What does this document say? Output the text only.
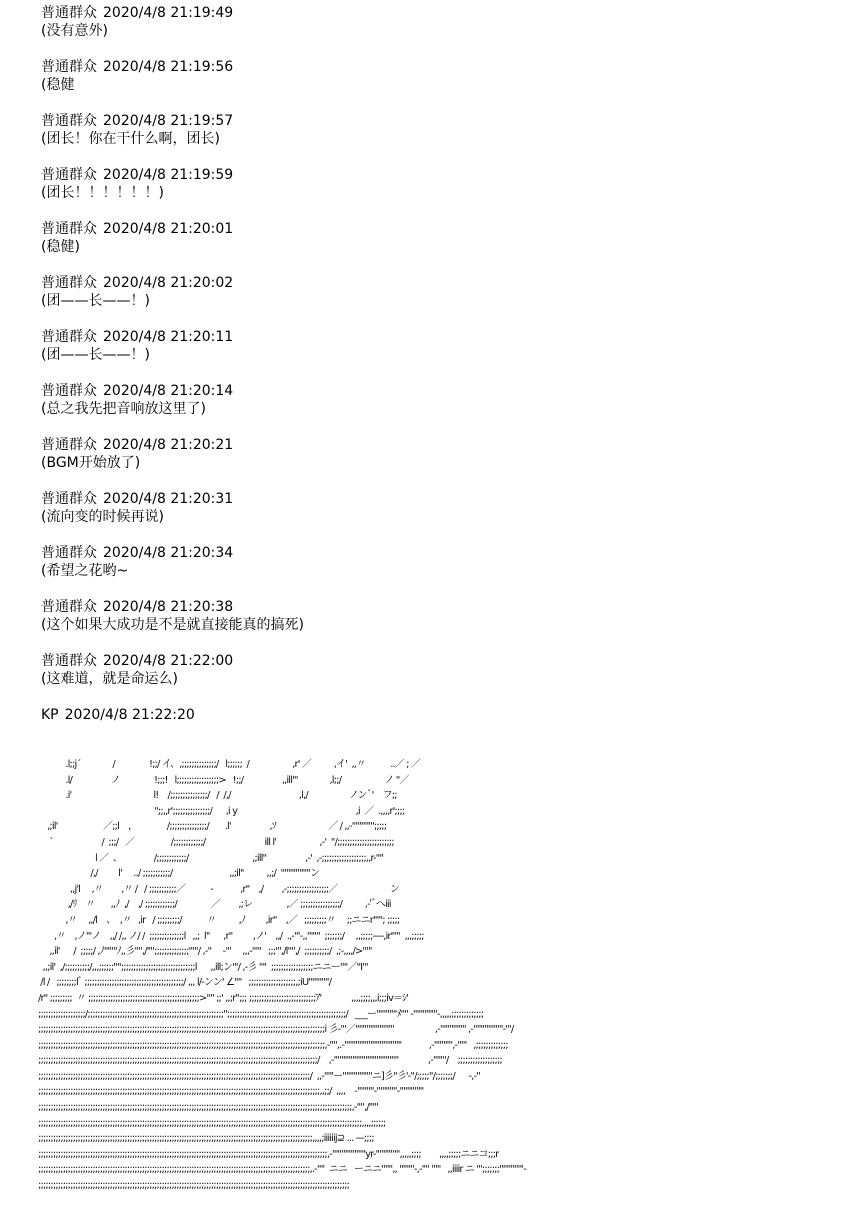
普通群众 2020/4/8 21:19:49
(没有意外)
普通群众 2020/4/8 21:19:56
(稳健
普通群众 2020/4/8 21:19:57
(团长！你在干什么啊，团长)
普通群众 2020/4/8 21:19:59
(团长！！！！！！)
普通群众 2020/4/8 21:20:01
(稳健)
普通群众 2020/4/8 21:20:02
(团——长——！)
普通群众 2020/4/8 21:20:11
(团——长——！)
普通群众 2020/4/8 21:20:14
(总之我先把音响放这里了)
普通群众 2020/4/8 21:20:21
(BGM开始放了)
普通群众 2020/4/8 21:20:31
(流向变的时候再说)
普通群众 2020/4/8 21:20:34
(希望之花哟~
普通群众 2020/4/8 21:20:38
(这个如果大成功是不是就直接能真的搞死)
普通群众 2020/4/8 21:22:00
(这难道，就是命运么)
KP 2020/4/8 21:22:20
.l;;j´              /               !;;/ イ、,;;;;;;;;;;;;;;/   l;;;;;;  /                   ,r' ／          ,イ'  ,,〃           ..／ ; ／
.l/                 ノ               !;;;!   l;;;;;;;;;;;;;;;;;>   !;;/                 ,,ill'''              ,l;;/                   ノ ''／
.i'                                    l!    /;;;;;;;;;;;;;;;/   /  /,/                              ,l,/                  ノンﾞ'    フ;;
'';;,,r';;;;;;;;;;;;;;;/      ,i y                                                    ,i  ／  .,,,,r';;;;
,;il'                    ／;;l    ,                /;;;;;;;;;;;;;;;/       .l'                 ,ｿ                       ／ / ,,-'''''''''''';;;;;
`                     /  ;;;/   ／                /;;;;;;;;;;;;/                          ill l'                   ,-'  ''/;;;;;;;;;;;;;;;;;;;;;;;
l ／  、              /;;;;;;;;;;;;/                            ,;ill''                 ,-'  ,-;;;;;;;;;;;;;;;;;;,,r-''''
/,/         l'     ../ ;;;;;;;;;;;/                         ,,;il''          ,,;/  ''''''''''''''''ン
,,j'l     ,〃        ,〃 /   / ;;;;;;;;;;;／           -            ,r''    ,/        ,-;;;;;;;;;;;;;;;;;／                       ン
,/ﾘ    〃       ,,ﾉ  ,/    ,/ ;;;;;;;;;;;;/               ／        ,;レ               ,／ ;;;;;;;;;;;;;;;;/          ,-'ﾞへiii
,〃     ,,/l    、  ,〃   ,ir   / ;;;;;;;;;/           〃          ,ﾉ         ,ir''    ,／   ;;;;;;;;;〃     ;;ニニr'''''; ;;;;;
,〃    ,ノ'''ノ    ,,/ /,, ノ/ /  ;;;;;;;;;;;;;;l   ,,;  l''      ,r''         ,ノ'    ,,/  .,-'''-,,'''''''  ;;;;;;;/     ,,;;;;;----,ir'''''  ,,,;;;;;
,,il'      /  ;;;;;/ ,ﾉ'''''''ﾉ,,彡'''',/'''';;;;;;;;;;;;;;'''''/ ,-''     -'''     ,,,-'''''   ;;;''',/l'''',/  ;;;;;;;;;;/  ,;-,,,,/>'''''
,,;il'  ,/;;;;;;;;;;/,,,;;;;;;'''';;;;;;;;;;;;;;;;;;;;;;;;;;;;;;l      ,,ill;ン'''/ ,-彡 ''''  ;;;;;;;;;;;;;;;;;ニニー''''／''I'''
/l /   ;;;;;;;;lﾞ ;;;;;;;;;;;;;;;;;;;;;;;;;;;;;;;;;;;;;;;;/ ,,, l/-ンン' ∠''''   ;;;;;;;;;;;;;;;;;;;,;iU'''''''''''/
/r'' ;;;;;;;;;  〃 ;;;;;;;;;;;;;;;;;;;;;;;;;;;;;;;;;;;;;;;;;;;;;>'''' ;;' ,,;r'';;; ;;;;;;;;;;;;;;;;;;;;;;;;;;;ｱ'             ,,,,;;;;,,,i;;;iv＝ｼ'
;;;;;;;;;;;;;;;;;;;/;;;;;;;;;;;;;;;;;;;;;;;;;;;;;;;;;;;;;;;;;;;;;;;;;;;;;;;'';;;;;;;;;;;;;;;;;;;;;;;;;;;;;;;;;;;;;;;;;;;;;;;;/   ___ー'''''''''''ﾒ'''' -'''''''''''''-,,,,,;;;;;;;;;;;;;
;;;;;;;;;;;;;;;;;;;;;;;;;;;;;;;;;;;;;;;;;;;;;;;;;;;;;;;;;;;;;;;;;;;;;;;;;;;;;;;;;;;;;;;;;;;;;;;;;;;;;;;;;;;;;;;;;;;;i 彡-'''／'''''''''''''''''''''                  ,-'''''''''''''' ,-''''''''''''''''-'''/
;;;;;;;;;;;;;;;;;;;;;;;;;;;;;;;;;;;;;;;;;;;;;;;;;;;;;;;;;;;;;;;;;;;;;;;;;;;;;;;;;;;;;;;;;;;;;;;;;;;;;;;;;;;;;;;;;;;;,-'''',.-'''''''''''''''''''''''''''''''            ,-'''''''''',-'''''   ,;;;;;;;;;;;;;
;;;;;;;;;;;;;;;;;;;;;;;;;;;;;;;;;;;;;;;;;;;;;;;;;;;;;;;;;;;;;;;;;;;;;;;;;;;;;;;;;;;;;;;;;;;;;;;;;;;;;;;;;;;;;;;;;/    ,-'''''''''''''''''''''''''''''''''''             ,-'''''''/    ;;;;;;;;;;;;;;;;;;
;;;;;;;;;;;;;;;;;;;;;;;;;;;;;;;;;;;;;;;;;;;;;;;;;;;;;;;;;;;;;;;;;;;;;;;;;;;;;;;;;;;;;;;;;;;;;;;;;;;;;;;;;;;;;;/  ,,-'''''ー''''''''''''''''ニ]彡''彡'-''/;;;;;''/;;;;;;;/      -,-''
;;;;;;;;;;;;;;;;;;;;;;;;;;;;;;;;;;;;;;;;;;;;;;;;;;;;;;;;;;;;;;;;;;;;;;;;;;;;;;;;;;;;;;;;;;;;;;;;;;;;;;;;;;;;;;;;;;,,;;/  ,,,,    -'''''''''-'''''''''''-'''''''''''''
;;;;;;;;;;;;;;;;;;;;;;;;;;;;;;;;;;;;;;;;;;;;;;;;;;;;;;;;;;;;;;;;;;;;;;;;;;;;;;;;;;;;;;;;;;;;;;;;;;;;;;;;;;;;;;;;;;;;;;;;;;;;;;;,-'''',/'''''
;;;;;;;;;;;;;;;;;;;;;;;;;;;;;;;;;;;;;;;;;;;;;;;;;;;;;;;;;;;;;;;;;;;;;;;;;;;;;;;;;;;;;;;;;;;;;;;;;;;;;;;;;;;;;;;;;;;;;;;;;;;;;;;;;;;,,,,;;;;;;
;;;;;;;;;;;;;;;;;;;;;;;;;;;;;;;;;;;;;;;;;;;;;;;;;;;;;;;;;;;;;;;;;;;;;;;;;;;;;;;;;;;;;;;;;;;;;;;;;;;;;;;;;;;;;;;,,,,;iiiiiij⊇ ... ---;;;;
;;;;;;;;;;;;;;;;;;;;;;;;;;;;;;;;;;;;;;;;;;;;;;;;;;;;;;;;;;;;;;;;;;;;;;;;;;;;;;;;;;;;;;;;;;;;;;;;;;;;;;;;;;;;;;;;;;;;;,-''''''''''''''''''yr-''''''''''''',,,,,;;;;        ,,,,;;;;;ニニコ;;;r
;;;;;;;;;;;;;;;;;;;;;;;;;;;;;;;;;;;;;;;;;;;;;;;;;;;;;;;;;;;;;;;;;;;;;;;;;;;;;;;;;;;;;;;;;;;;;;;;;;;;;;;;;;;;;;,.-''''  ニニ   ーニニ'''''',, ''''''''-,-'''' '''''   ,,iiiir ニ ''';;;;;;;'''''''''''''-
;;;;;;;;;;;;;;;;;;;;;;;;;;;;;;;;;;;;;;;;;;;;;;;;;;;;;;;;;;;;;;;;;;;;;;;;;;;;;;;;;;;;;;;;;;;;;;;;;;;;;;;;;;;;;;;;;;;;;;;;;;;;;;
